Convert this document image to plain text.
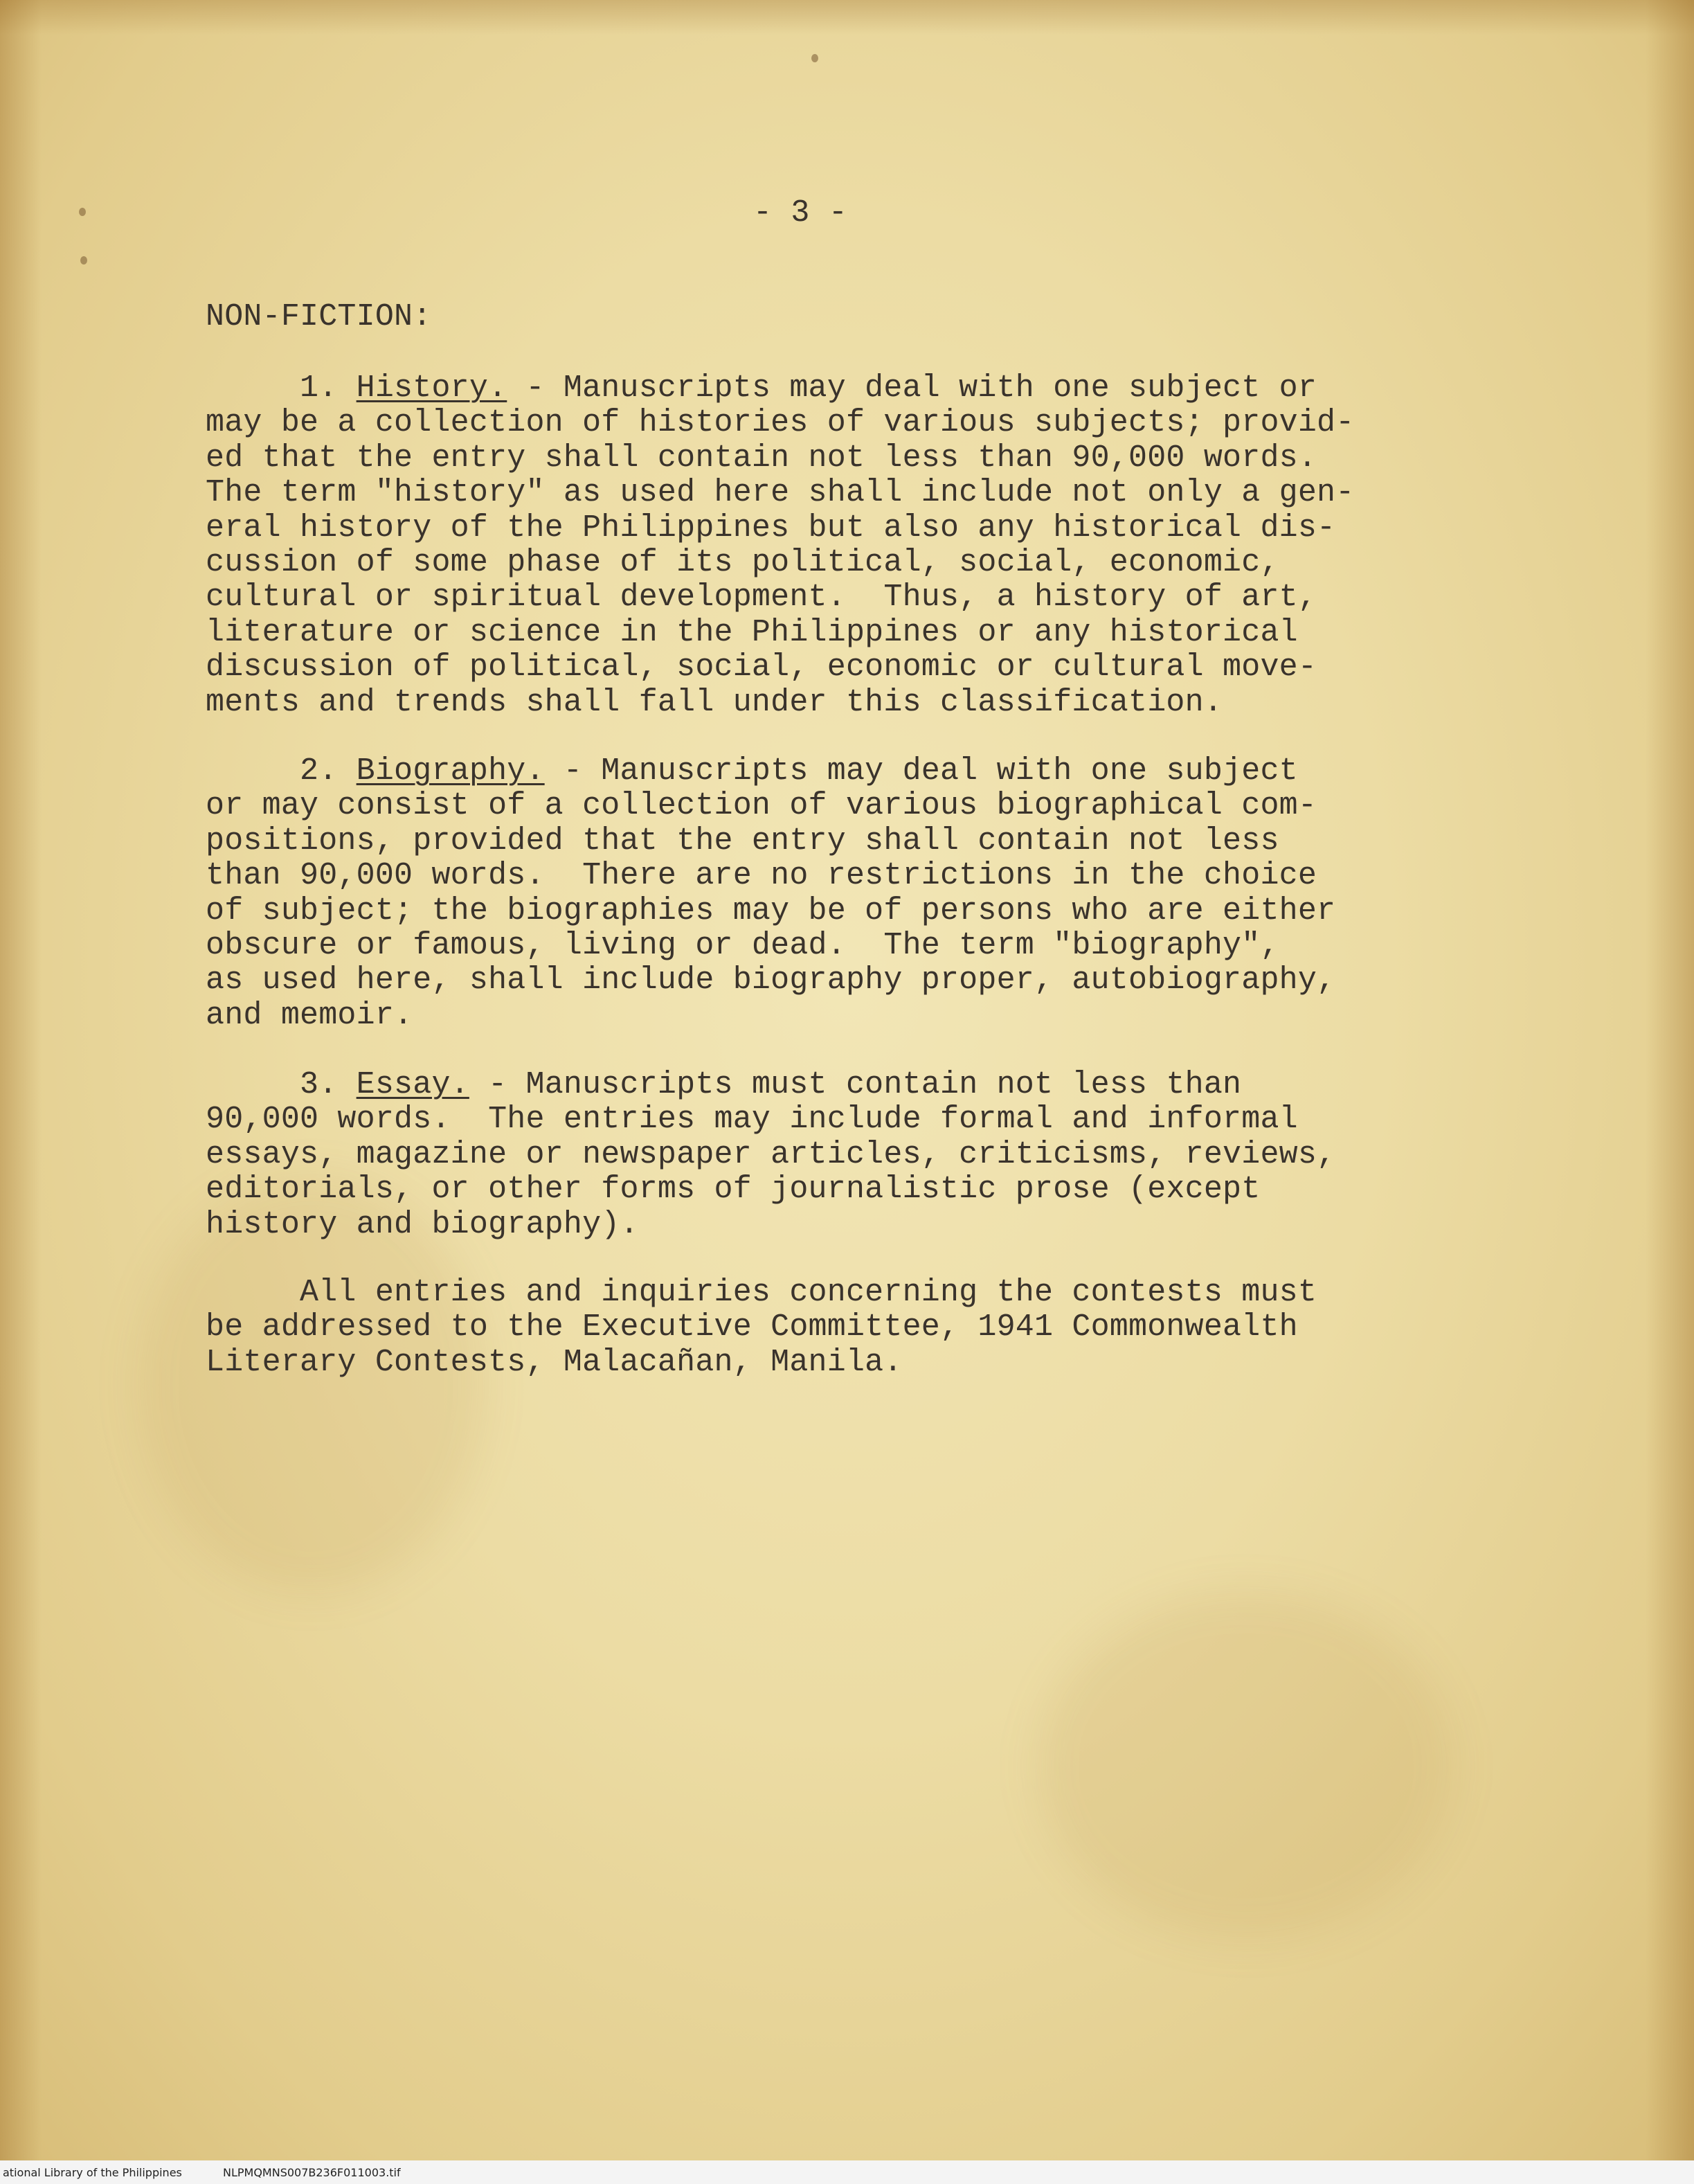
- 3 -

NON-FICTION:

1. History. - Manuscripts may deal with one subject or
may be a collection of histories of various subjects; provid-
ed that the entry shall contain not less than 90,000 words.
The term "history" as used here shall include not only a gen-
eral history of the Philippines but also any historical dis-
cussion of some phase of its political, social, economic,
cultural or spiritual development.  Thus, a history of art,
literature or science in the Philippines or any historical
discussion of political, social, economic or cultural move-
ments and trends shall fall under this classification.

2. Biography. - Manuscripts may deal with one subject
or may consist of a collection of various biographical com-
positions, provided that the entry shall contain not less
than 90,000 words.  There are no restrictions in the choice
of subject; the biographies may be of persons who are either
obscure or famous, living or dead.  The term "biography",
as used here, shall include biography proper, autobiography,
and memoir.

3. Essay. - Manuscripts must contain not less than
90,000 words.  The entries may include formal and informal
essays, magazine or newspaper articles, criticisms, reviews,
editorials, or other forms of journalistic prose (except
history and biography).

All entries and inquiries concerning the contests must
be addressed to the Executive Committee, 1941 Commonwealth
Literary Contests, Malacañan, Manila.

ational Library of the Philippines	NLPMQMNS007B236F011003.tif
